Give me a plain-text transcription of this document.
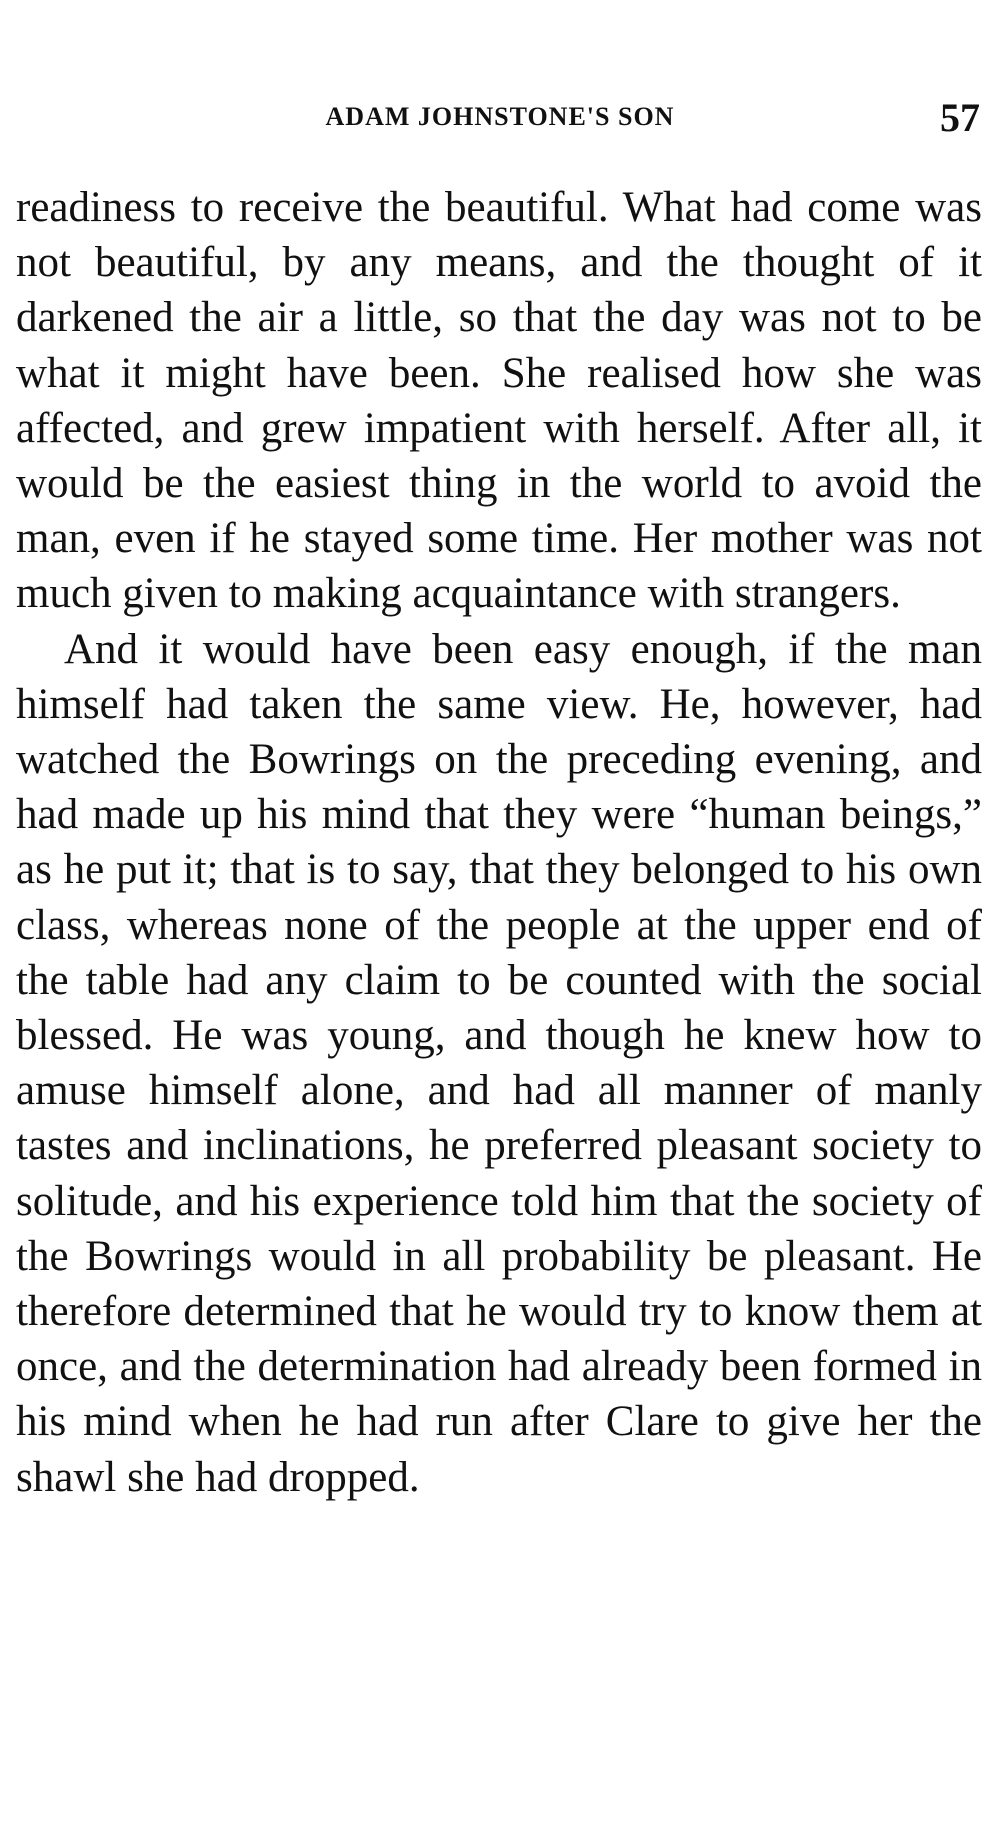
ADAM JOHNSTONE'S SON	57

readiness to receive the beautiful. What had come was not beautiful, by any means, and the thought of it darkened the air a little, so that the day was not to be what it might have been. She realised how she was affected, and grew impatient with herself. After all, it would be the easiest thing in the world to avoid the man, even if he stayed some time. Her mother was not much given to making acquaintance with strangers.

And it would have been easy enough, if the man himself had taken the same view. He, however, had watched the Bowrings on the preceding evening, and had made up his mind that they were “human beings,” as he put it; that is to say, that they belonged to his own class, whereas none of the people at the upper end of the table had any claim to be counted with the social blessed. He was young, and though he knew how to amuse himself alone, and had all manner of manly tastes and inclinations, he preferred pleasant society to solitude, and his experience told him that the society of the Bowrings would in all probability be pleasant. He therefore determined that he would try to know them at once, and the determination had already been formed in his mind when he had run after Clare to give her the shawl she had dropped.
